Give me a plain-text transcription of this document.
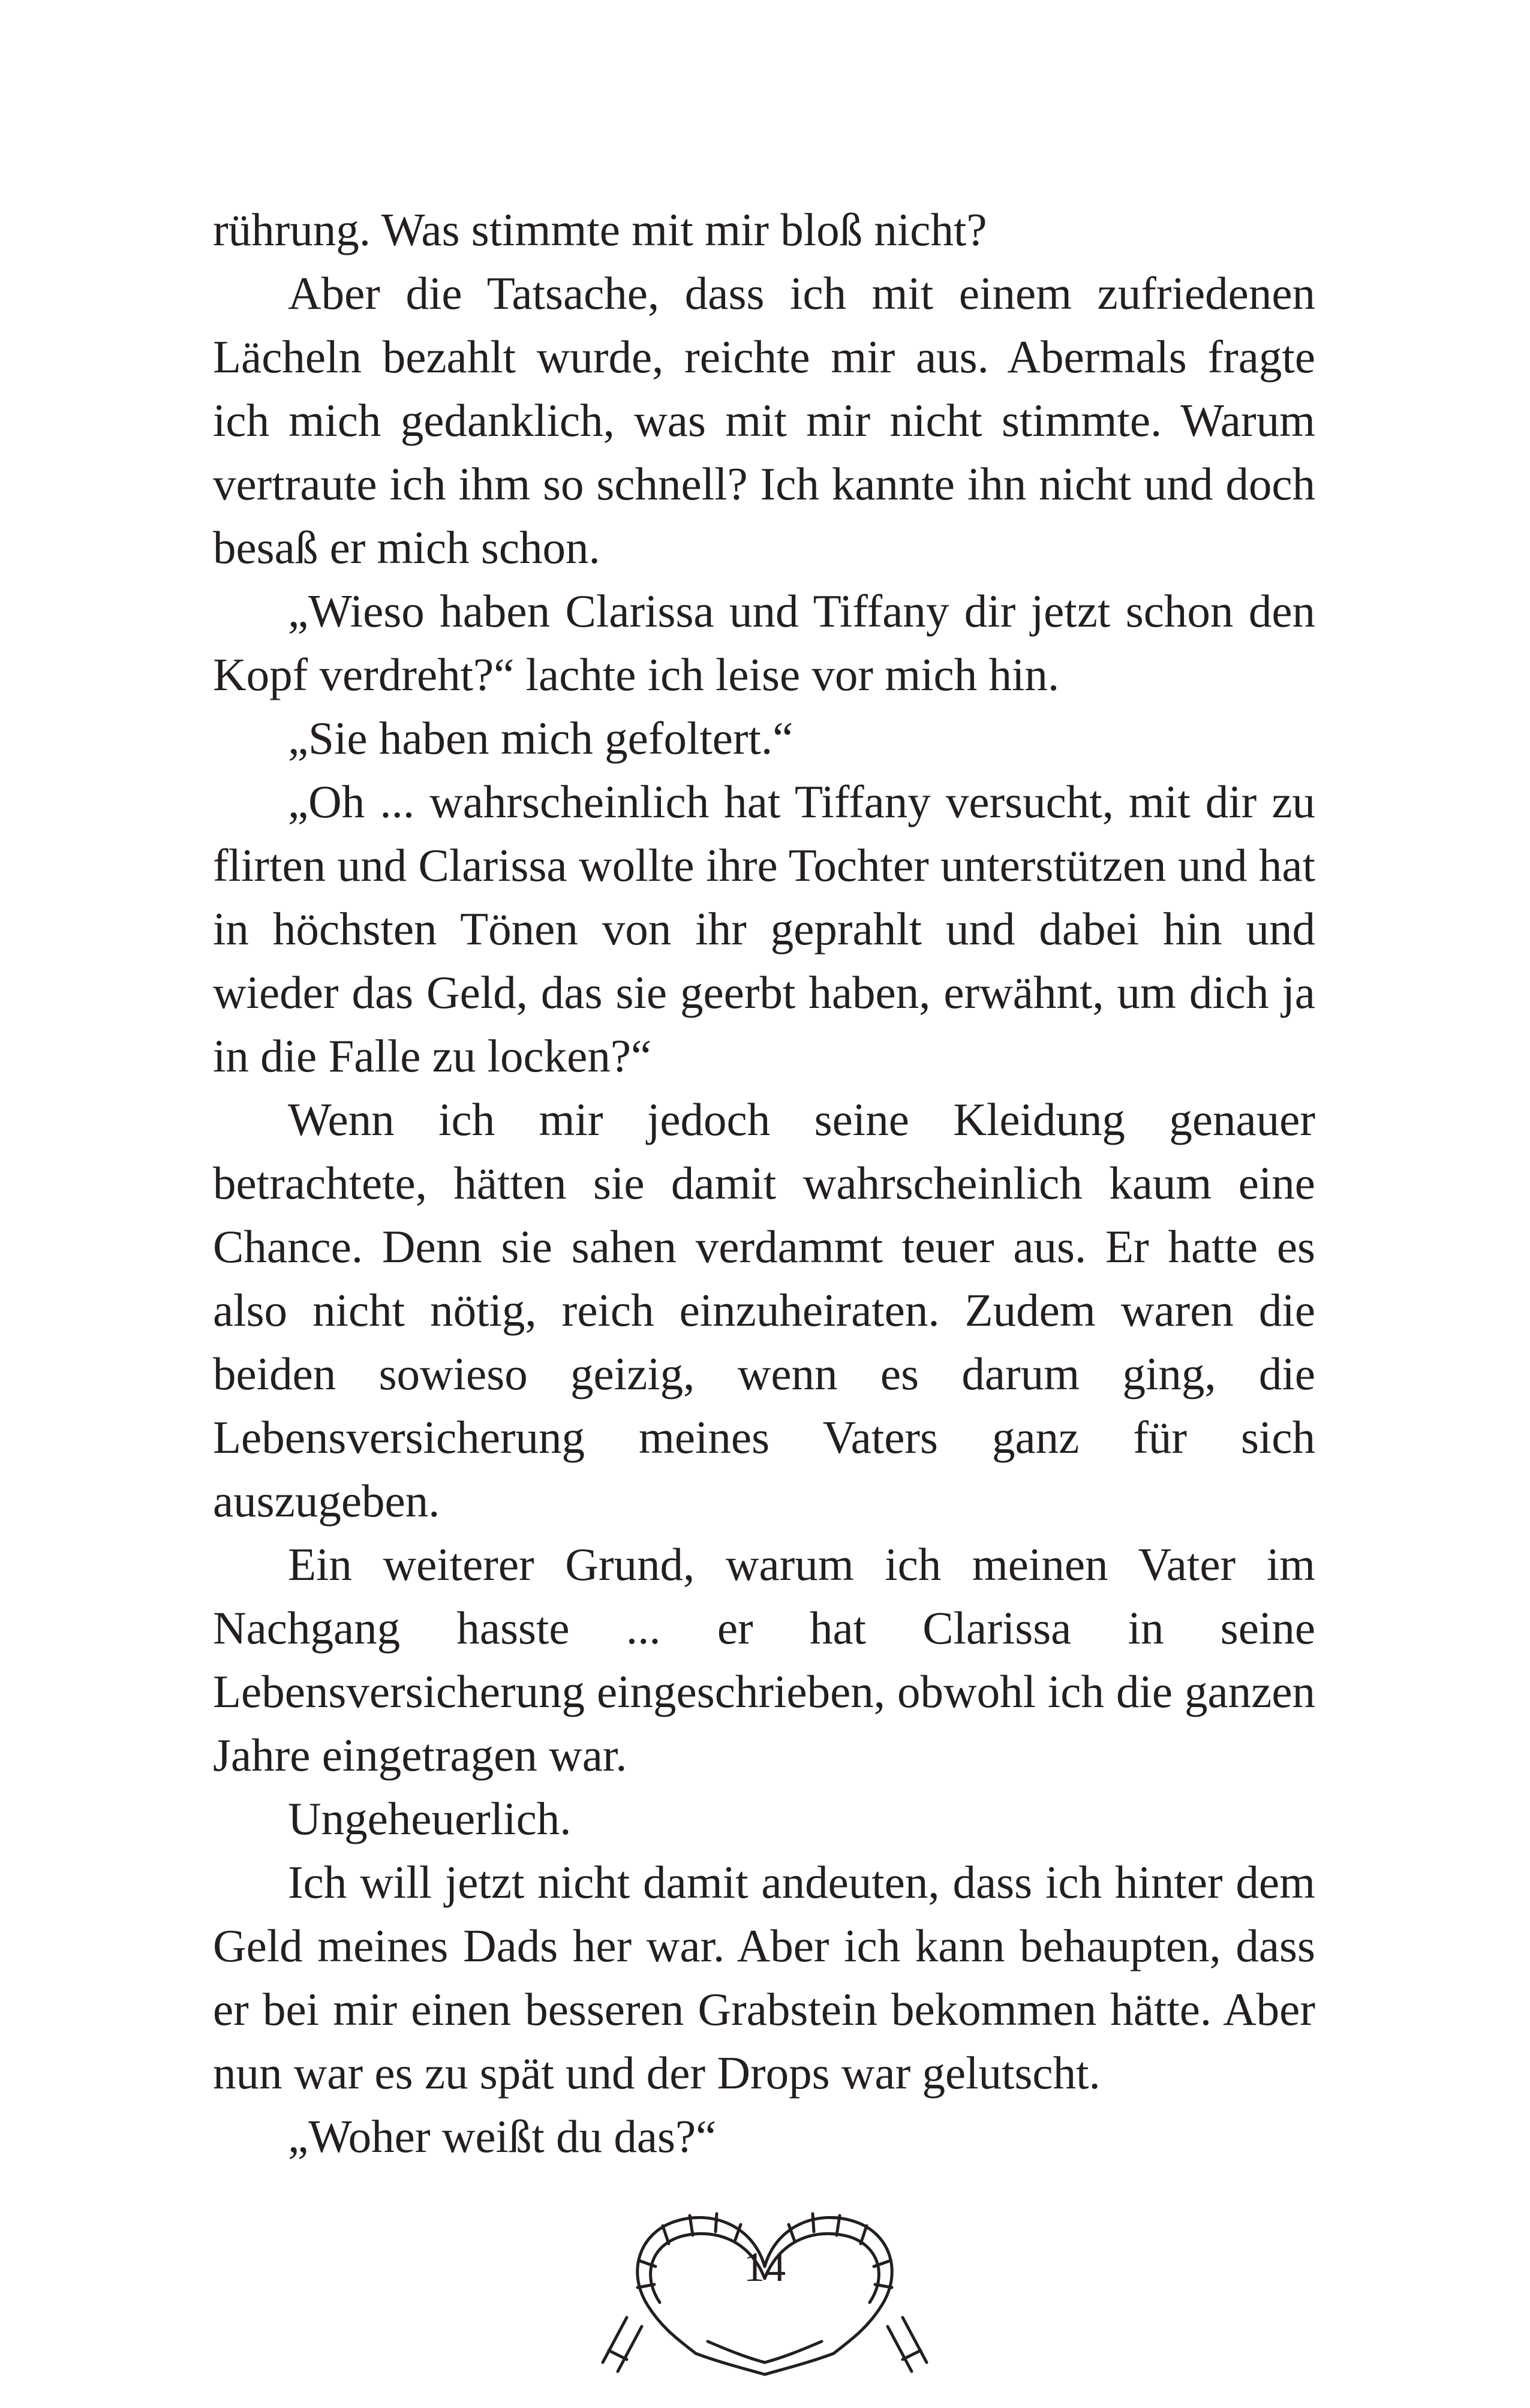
rührung. Was stimmte mit mir bloß nicht?

Aber die Tatsache, dass ich mit einem zufriedenen Lächeln bezahlt wurde, reichte mir aus. Abermals fragte ich mich gedanklich, was mit mir nicht stimmte. Warum vertraute ich ihm so schnell? Ich kannte ihn nicht und doch besaß er mich schon.

„Wieso haben Clarissa und Tiffany dir jetzt schon den Kopf verdreht?“ lachte ich leise vor mich hin.

„Sie haben mich gefoltert.“

„Oh ... wahrscheinlich hat Tiffany versucht, mit dir zu flirten und Clarissa wollte ihre Tochter unterstützen und hat in höchsten Tönen von ihr geprahlt und dabei hin und wieder das Geld, das sie geerbt haben, erwähnt, um dich ja in die Falle zu locken?“

Wenn ich mir jedoch seine Kleidung genauer betrachtete, hätten sie damit wahrscheinlich kaum eine Chance. Denn sie sahen verdammt teuer aus. Er hatte es also nicht nötig, reich einzuheiraten. Zudem waren die beiden sowieso geizig, wenn es darum ging, die Lebensversicherung meines Vaters ganz für sich auszugeben.

Ein weiterer Grund, warum ich meinen Vater im Nachgang hasste ... er hat Clarissa in seine Lebensversicherung eingeschrieben, obwohl ich die ganzen Jahre eingetragen war.

Ungeheuerlich.

Ich will jetzt nicht damit andeuten, dass ich hinter dem Geld meines Dads her war. Aber ich kann behaupten, dass er bei mir einen besseren Grabstein bekommen hätte. Aber nun war es zu spät und der Drops war gelutscht.

„Woher weißt du das?“

14
